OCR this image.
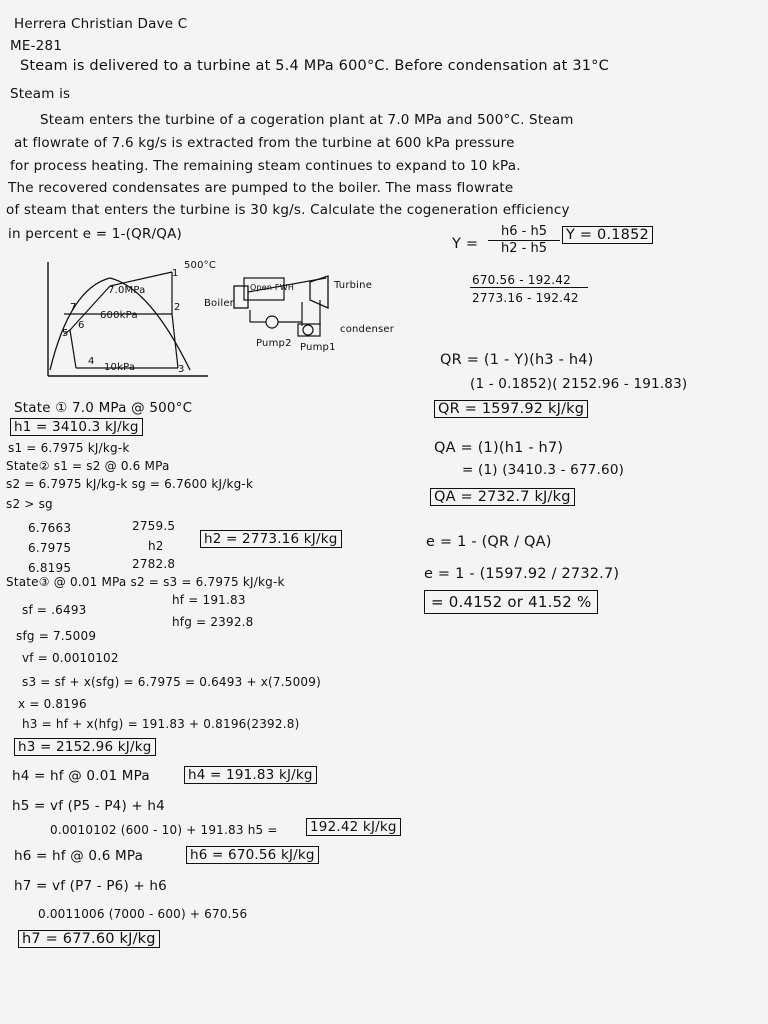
Herrera Christian Dave C
ME-281
Steam is delivered to a turbine at 5.4 MPa 600°C. Before condensation at 31°C
Steam is
Steam enters the turbine of a cogeration plant at 7.0 MPa and 500°C. Steam
at flowrate of 7.6 kg/s is extracted from the turbine at 600 kPa pressure
for process heating. The remaining steam continues to expand to 10 kPa.
The recovered condensates are pumped to the boiler. The mass flowrate
of steam that enters the turbine is 30 kg/s. Calculate the cogeneration efficiency
in percent e = 1-(QR/QA)
$Y = \frac{h6 - h5}{h2 - h5}$ Y = 0.1852
670.56 - 192.42
2773.16 - 192.42
500°C
7.0MPa
600kPa
10kPa
1
2
3
4
5
6
7	Boiler
Open FWH	Turbine
condenser
Pump2 Pump1
QR = (1 - Y)(h3 - h4)
(1 - 0.1852)( 2152.96 - 191.83)
QR = 1597.92 kJ/kg
QA = (1)(h1 - h7)
= (1) (3410.3 - 677.60)
QA = 2732.7 kJ/kg
e = 1 - (QR / QA)
e = 1 - (1597.92 / 2732.7)
= 0.4152 or 41.52 %
State ① 7.0 MPa @ 500°C
h1 = 3410.3 kJ/kg
s1 = 6.7975 kJ/kg-k
State② s1 = s2 @ 0.6 MPa
s2 = 6.7975 kJ/kg-k sg = 6.7600 kJ/kg-k
s2 > sg
6.7663	2759.5
6.7975	h2
6.8195	2782.8
h2 = 2773.16 kJ/kg
State③ @ 0.01 MPa s2 = s3 = 6.7975 kJ/kg-k
sf = .6493
hf = 191.83
sfg = 7.5009
hfg = 2392.8
vf = 0.0010102
s3 = sf + x(sfg) = 6.7975 = 0.6493 + x(7.5009)
x = 0.8196
h3 = hf + x(hfg) = 191.83 + 0.8196(2392.8)
h3 = 2152.96 kJ/kg
h4 = hf @ 0.01 MPa	h4 = 191.83 kJ/kg
h5 = vf (P5 - P4) + h4
0.0010102 (600 - 10) + 191.83 h5 = 192.42 kJ/kg
h6 = hf @ 0.6 MPa	h6 = 670.56 kJ/kg
h7 = vf (P7 - P6) + h6
0.0011006 (7000 - 600) + 670.56
h7 = 677.60 kJ/kg
